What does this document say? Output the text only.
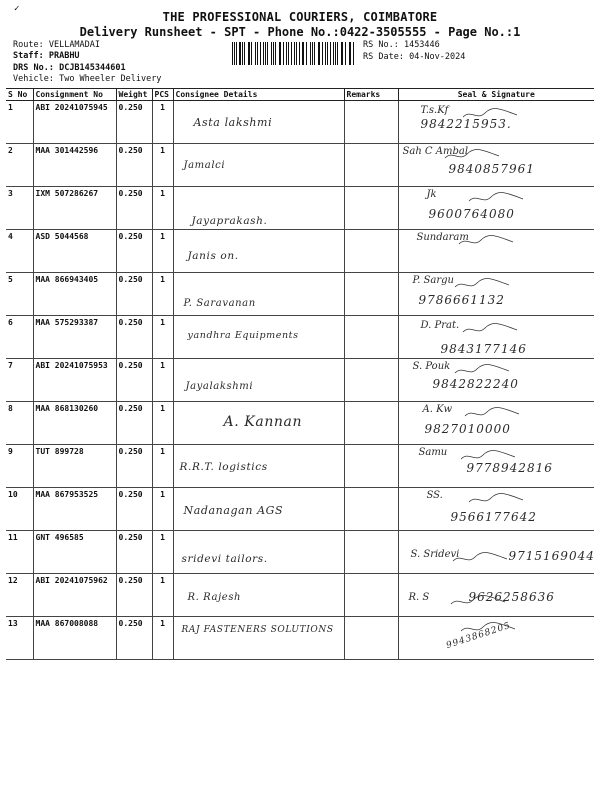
✓
THE PROFESSIONAL COURIERS, COIMBATORE
Delivery Runsheet - SPT - Phone No.:0422-3505555 - Page No.:1
Route: VELLAMADAI
Staff: PRABHU
DRS No.: DCJB145344601
Vehicle: Two Wheeler Delivery
RS No.: 1453446
RS Date: 04-Nov-2024
S No	Consignment No	Weight	PCS	Consignee Details	Remarks	Seal & Signature
1	ABI 20241075945	0.250	1	Asta lakshmi		T.s.Kf
9842215953.

2	MAA 301442596	0.250	1	Jamalci		Sah C Ambal
9840857961

3	IXM 507286267	0.250	1	Jayaprakash.		Jk
9600764080

4	ASD 5044568	0.250	1	Janis on.		Sundaram

5	MAA 866943405	0.250	1	P. Saravanan		P. Sargu
9786661132

6	MAA 575293387	0.250	1	yandhra Equipments		D. Prat.
9843177146

7	ABI 20241075953	0.250	1	Jayalakshmi		S. Pouk
9842822240

8	MAA 868130260	0.250	1	A. Kannan		A. Kw
9827010000

9	TUT 899728	0.250	1	R.R.T. logistics		Samu
9778942816

10	MAA 867953525	0.250	1	Nadanagan AGS		SS.
9566177642

11	GNT 496585	0.250	1	sridevi tailors.		S. Sridevi 9715169044

12	ABI 20241075962	0.250	1	R. Rajesh		R. S 9626258636

13	MAA 867008088	0.250	1	RAJ FASTENERS SOLUTIONS		9943868205
